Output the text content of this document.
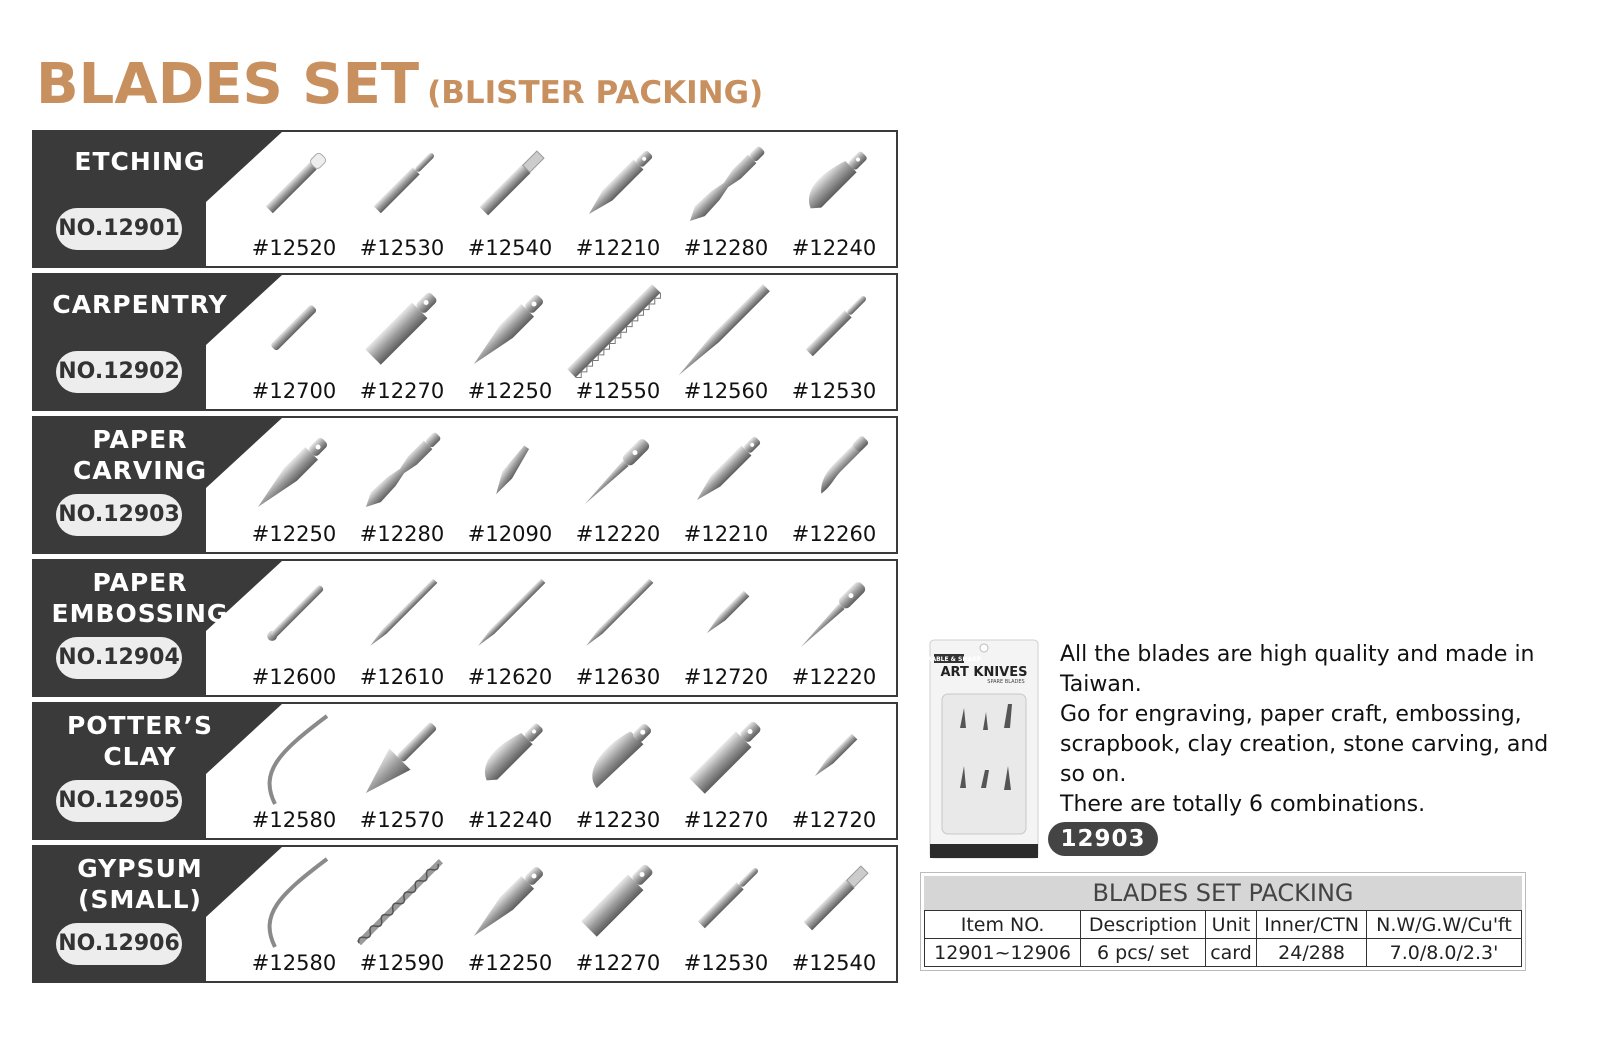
BLADES SET (BLISTER PACKING)
ETCHING
NO.12901
#12520	#12530	#12540	#12210	#12280	#12240
CARPENTRY
NO.12902
#12700	#12270	#12250	#12550	#12560	#12530
PAPER
CARVING
NO.12903
#12250	#12280	#12090	#12220	#12210	#12260
PAPER
EMBOSSING
NO.12904
#12600	#12610	#12620	#12630	#12720	#12220
POTTER’S
CLAY
NO.12905
#12580	#12570	#12240	#12230	#12270	#12720
GYPSUM
(SMALL)
NO.12906
#12580	#12590	#12250	#12270	#12530	#12540
DURABLE & SHARP
ART KNIVES
SPARE BLADES

All the blades are high quality and made in Taiwan.

Go for engraving, paper craft, embossing, scrapbook, clay creation, stone carving, and so on.

There are totally 6 combinations.

12903
BLADES SET PACKING
Item NO.	Description	Unit	Inner/CTN	N.W/G.W/Cu'ft
12901~12906	6 pcs/ set	card	24/288	7.0/8.0/2.3'
